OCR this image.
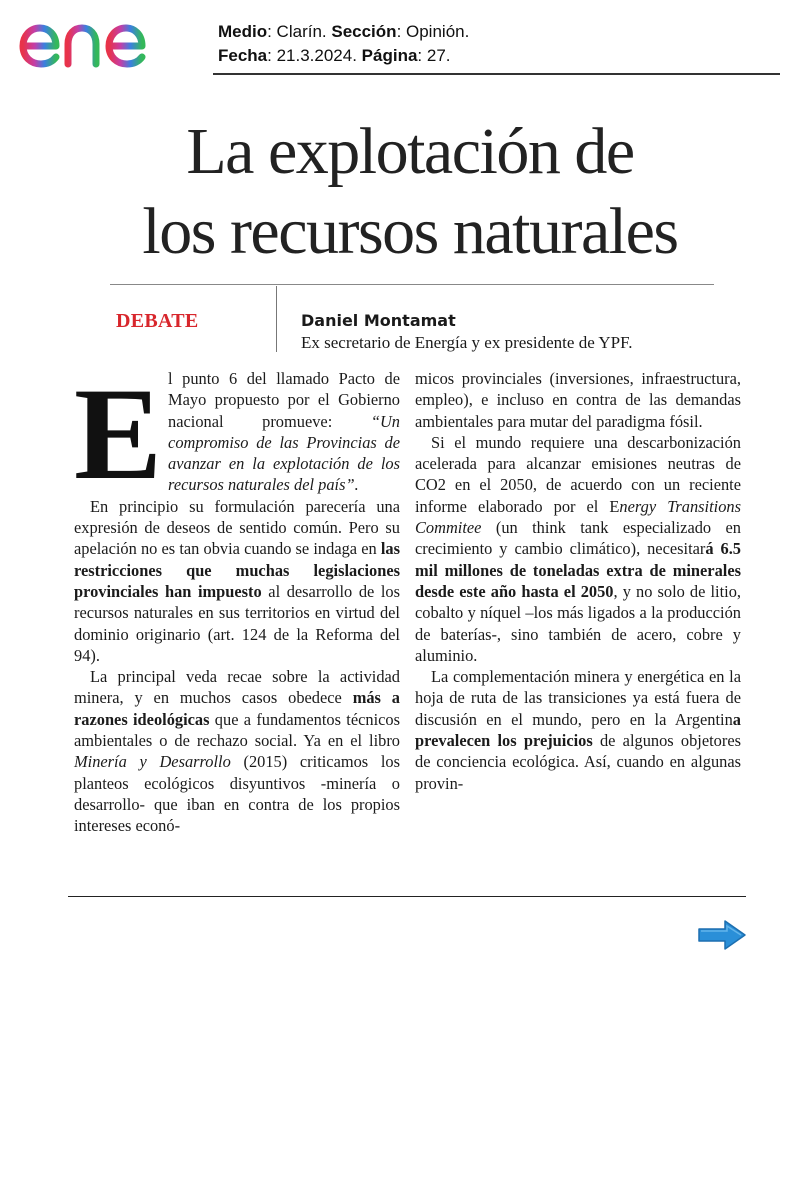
Medio: Clarín. Sección: Opinión.
Fecha: 21.3.2024. Página: 27.
La explotación de
los recursos naturales
DEBATE	Daniel Montamat
Ex secretario de Energía y ex presidente de YPF.

El punto 6 del llamado Pacto de Mayo propuesto por el Gobierno nacional promueve: “Un compromiso de las Provincias de avanzar en la explotación de los recursos naturales del país”.

En principio su formulación parecería una expresión de deseos de sentido común. Pero su apelación no es tan obvia cuando se indaga en las restricciones que muchas legislaciones provinciales han impuesto al desarrollo de los recursos naturales en sus territorios en virtud del dominio originario (art. 124 de la Reforma del 94).

La principal veda recae sobre la actividad minera, y en muchos casos obedece más a razones ideológicas que a fundamentos técnicos ambientales o de rechazo social. Ya en el libro Minería y Desarrollo (2015) criticamos los planteos ecológicos disyuntivos -minería o desarrollo- que iban en contra de los propios intereses econó-

micos provinciales (inversiones, infraestructura, empleo), e incluso en contra de las demandas ambientales para mutar del paradigma fósil.

Si el mundo requiere una descarbonización acelerada para alcanzar emisiones neutras de CO2 en el 2050, de acuerdo con un reciente informe elaborado por el Energy Transitions Commitee (un think tank especializado en crecimiento y cambio climático), necesitará 6.5 mil millones de toneladas extra de minerales desde este año hasta el 2050, y no solo de litio, cobalto y níquel –los más ligados a la producción de baterías-, sino también de acero, cobre y aluminio.

La complementación minera y energética en la hoja de ruta de las transiciones ya está fuera de discusión en el mundo, pero en la Argentina prevalecen los prejuicios de algunos objetores de conciencia ecológica. Así, cuando en algunas provin-
